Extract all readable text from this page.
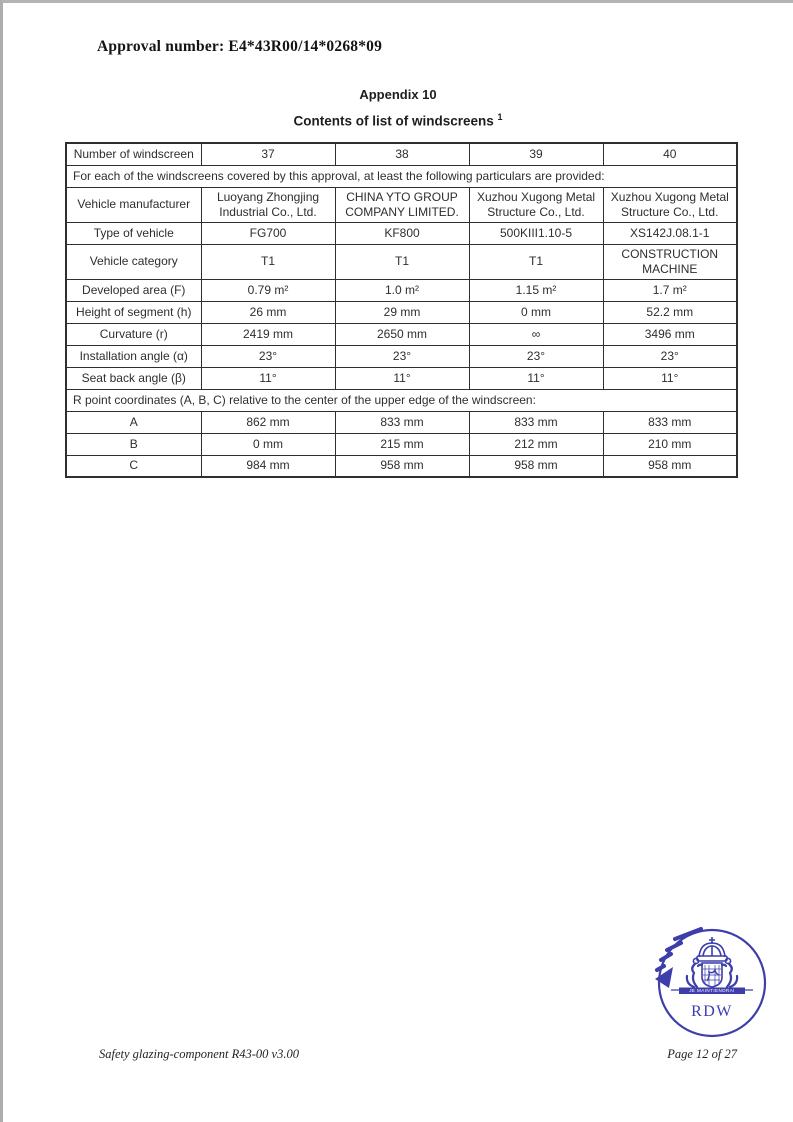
Approval number: E4*43R00/14*0268*09
Appendix 10
Contents of list of windscreens $^1$
Number of windscreen	37	38	39	40
For each of the windscreens covered by this approval, at least the following particulars are provided:				
Vehicle manufacturer	Luoyang Zhongjing Industrial Co., Ltd.	CHINA YTO GROUP COMPANY LIMITED.	Xuzhou Xugong Metal Structure Co., Ltd.	Xuzhou Xugong Metal Structure Co., Ltd.
Type of vehicle	FG700	KF800	500KIII1.10-5	XS142J.08.1-1
Vehicle category	T1	T1	T1	CONSTRUCTION MACHINE
Developed area (F)	0.79 m²	1.0 m²	1.15 m²	1.7 m²
Height of segment (h)	26 mm	29 mm	0 mm	52.2 mm
Curvature (r)	2419 mm	2650 mm	∞	3496 mm
Installation angle (α)	23°	23°	23°	23°
Seat back angle (β)	11°	11°	11°	11°
R point coordinates (A, B, C) relative to the center of the upper edge of the windscreen:				
A	862 mm	833 mm	833 mm	833 mm
B	0 mm	215 mm	212 mm	210 mm
C	984 mm	958 mm	958 mm	958 mm
JE MAINTIENDRAI
RDW
Safety glazing-component R43-00 v3.00	Page 12 of 27
